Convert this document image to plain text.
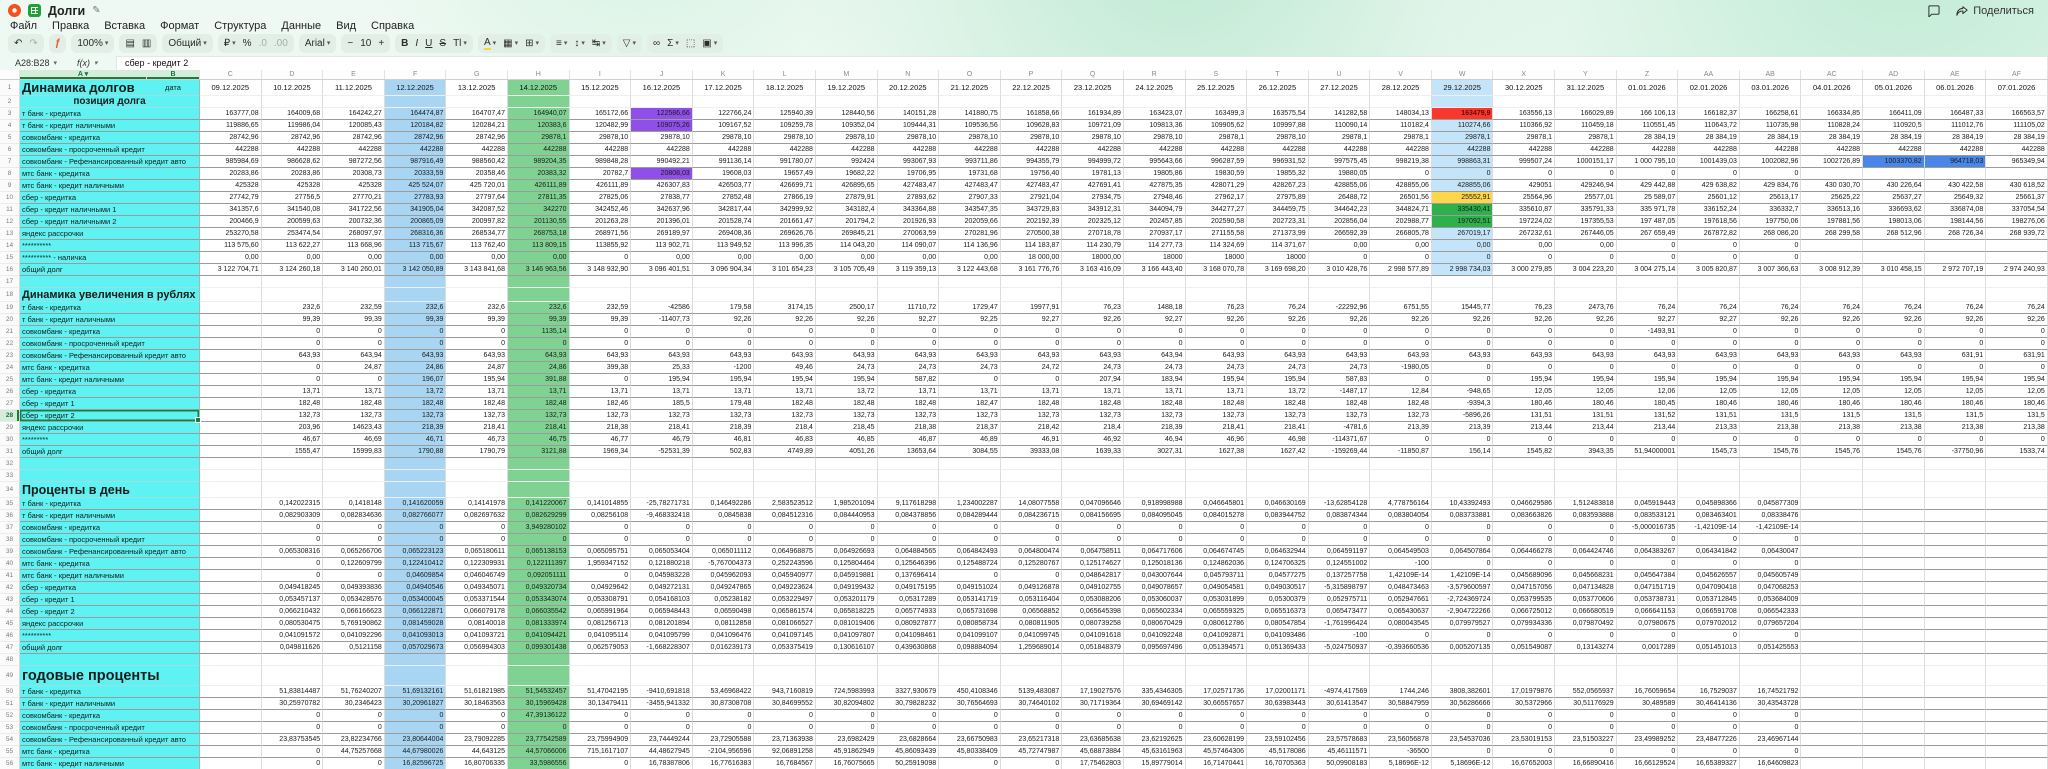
Долги ✎	Поделиться
Файл Правка Вставка Формат Структура Данные Вид Справка
↶ ↷ ƒ 100% ▾ ▤ ▥ Общий ▾ ₽ ▾ % .0 .00 Arial ▾ − 10 + B I U S Tl ▾ A ▾ ▦ ▾ ⊞ ▾ ≡ ▾ ↕ ▾ ↹ ▾ ▽ ▾ ∞ Σ ▾ ⬚ ▣ ▾
A28:B28 ▾ f(x) ▾	сбер - кредит 2
A ▾	B	C	D	E	F	G	H	I	J	K	L	M	N	O	P	Q	R	S	T	U	V	W	X	Y	Z	AA	AB	AC	AD	AE	AF
1 Динамика долгов	дата	09.12.2025	10.12.2025	11.12.2025	12.12.2025	13.12.2025	14.12.2025	15.12.2025	16.12.2025	17.12.2025	18.12.2025	19.12.2025	20.12.2025	21.12.2025	22.12.2025	23.12.2025	24.12.2025	25.12.2025	26.12.2025	27.12.2025	28.12.2025	29.12.2025	30.12.2025	31.12.2025	01.01.2026	02.01.2026	03.01.2026	04.01.2026	05.01.2026	06.01.2026	07.01.2026
2	позиция долга
3	т банк - кредитка	163777,08	164009,68	164242,27	164474,87	164707,47	164940,07	165172,66	122586,66	122766,24	125940,39	128440,56	140151,28	141880,75	161858,66	161934,89	163423,07	163499,3	163575,54	141282,58	148034,13	163479,9	163556,13	166029,89	166 106,13	166182,37	166258,61	166334,85	166411,09	166487,33	166563,57
4	т банк - кредит наличными	119886,65	119986,04	120085,43	120184,82	120284,21	120383,6	120482,99	109075,26	109167,52	109259,78	109352,04	109444,31	109536,56	109628,83	109721,09	109813,36	109905,62	109997,88	110090,14	110182,4	110274,66	110366,92	110459,18	110551,45	110643,72	110735,98	110828,24	110920,5	111012,76	111105,02
5	совкомбанк - кредитка	28742,96	28742,96	28742,96	28742,96	28742,96	29878,1	29878,10	29878,10	29878,10	29878,10	29878,10	29878,10	29878,10	29878,10	29878,10	29878,10	29878,1	29878,10	29878,1	29878,1	29878,1	29878,1	29878,1	28 384,19	28 384,19	28 384,19	28 384,19	28 384,19	28 384,19	28 384,19
6	совкомбанк - просроченный кредит	442288	442288	442288	442288	442288	442288	442288	442288	442288	442288	442288	442288	442288	442288	442288	442288	442288	442288	442288	442288	442288	442288	442288	442288	442288	442288	442288	442288	442288	442288
7	совкомбанк - Рефенансированный кредит авто	985984,69	986628,62	987272,56	987916,49	988560,42	989204,35	989848,28	990492,21	991136,14	991780,07	992424	993067,93	993711,86	994355,79	994999,72	995643,66	996287,59	996931,52	997575,45	998219,38	998863,31	999507,24	1000151,17	1 000 795,10	1001439,03	1002082,96	1002726,89	1003370,82	964718,03	965349,94
8	мтс банк - кредитка	20283,86	20283,86	20308,73	20333,59	20358,46	20383,32	20782,7	20808,03	19608,03	19657,49	19682,22	19706,95	19731,68	19756,40	19781,13	19805,86	19830,59	19855,32	19880,05	0	0	0	0	0	0	0
9	мтс банк - кредит наличными	425328	425328	425328	425 524,07	425 720,01	426111,89	426111,89	426307,83	426503,77	426699,71	426895,65	427483,47	427483,47	427483,47	427691,41	427875,35	428071,29	428267,23	428855,06	428855,06	428855,06	429051	429246,94	429 442,88	429 638,82	429 834,76	430 030,70	430 226,64	430 422,58	430 618,52
10	сбер - кредитка	27742,79	27756,5	27770,21	27783,93	27797,64	27811,35	27825,06	27838,77	27852,48	27866,19	27879,91	27893,62	27907,33	27921,04	27934,75	27948,46	27962,17	27975,89	26488,72	26501,56	25552,91	25564,96	25577,01	25 589,07	25601,12	25613,17	25625,22	25637,27	25649,32	25661,37
11	сбер - кредит наличными 1	341357,6	341540,08	341722,56	341905,04	342087,52	342270	342452,46	342637,96	342817,44	342999,92	343182,4	343364,88	343547,35	343729,83	343912,31	344094,79	344277,27	344459,75	344642,23	344824,71	335430,41	335610,87	335791,33	335 971,78	336152,24	336332,7	336513,16	336693,62	336874,08	337054,54
12	сбер - кредит наличными 2	200466,9	200599,63	200732,36	200865,09	200997,82	201130,55	201263,28	201396,01	201528,74	201661,47	201794,2	201926,93	202059,66	202192,39	202325,12	202457,85	202590,58	202723,31	202856,04	202988,77	197092,51	197224,02	197355,53	197 487,05	197618,56	197750,06	197881,56	198013,06	198144,56	198276,06
13	яндекс рассрочки	253270,58	253474,54	268097,97	268316,36	268534,77	268753,18	268971,56	269189,97	269408,36	269626,76	269845,21	270063,59	270281,96	270500,38	270718,78	270937,17	271155,58	271373,99	266592,39	266805,78	267019,17	267232,61	267446,05	267 659,49	267872,82	268 086,20	268 299,58	268 512,96	268 726,34	268 939,72
14	**********	113 575,60	113 622,27	113 668,96	113 715,67	113 762,40	113 809,15	113855,92	113 902,71	113 949,52	113 996,35	114 043,20	114 090,07	114 136,96	114 183,87	114 230,79	114 277,73	114 324,69	114 371,67	0,00	0,00	0,00	0,00	0,00	0	0	0
15	********** - наличка	0,00	0,00	0,00	0,00	0,00	0,00	0	0,00	0,00	0,00	0,00	0,00	0,00	18 000,00	18000,00	18000	18000	18000	0	0	0	0	0	0	0	0
16	общий долг	3 122 704,71	3 124 260,18	3 140 260,01	3 142 050,89	3 143 841,68	3 146 963,56	3 148 932,90	3 096 401,51	3 096 904,34	3 101 654,23	3 105 705,49	3 119 359,13	3 122 443,68	3 161 776,76	3 163 416,09	3 166 443,40	3 168 070,78	3 169 698,20	3 010 428,76	2 998 577,89	2 998 734,03	3 000 279,85	3 004 223,20	3 004 275,14	3 005 820,87	3 007 366,63	3 008 912,39	3 010 458,15	2 972 707,19	2 974 240,93
17
18 Динамика увеличения в рублях
19	т банк - кредитка	232,6	232,59	232,6	232,6	232,6	232,59	-42586	179,58	3174,15	2500,17	11710,72	1729,47	19977,91	76,23	1488,18	76,23	76,24	-22292,96	6751,55	15445,77	76,23	2473,76	76,24	76,24	76,24	76,24	76,24	76,24	76,24
20	т банк - кредит наличными	99,39	99,39	99,39	99,39	99,39	99,39	-11407,73	92,26	92,26	92,26	92,27	92,25	92,27	92,26	92,27	92,26	92,26	92,26	92,26	92,26	92,26	92,26	92,27	92,27	92,26	92,26	92,26	92,26	92,26
21	совкомбанк - кредитка	0	0	0	0	1135,14	0	0	0	0	0	0	0	0	0	0	0	0	0	0	0	0	0	-1493,91	0	0	0	0	0	0
22	совкомбанк - просроченный кредит	0	0	0	0	0	0	0	0	0	0	0	0	0	0	0	0	0	0	0	0	0	0	0	0	0	0	0	0	0
23	совкомбанк - Рефенансированный кредит авто	643,93	643,94	643,93	643,93	643,93	643,93	643,93	643,93	643,93	643,93	643,93	643,93	643,93	643,93	643,94	643,93	643,93	643,93	643,93	643,93	643,93	643,93	643,93	643,93	643,93	643,93	643,93	631,91	631,91
24	мтс банк - кредитка	0	24,87	24,86	24,87	24,86	399,38	25,33	-1200	49,46	24,73	24,73	24,73	24,72	24,73	24,73	24,73	24,73	24,73	-1980,05	0	0	0	0	0	0	0	0	0	0
25	мтс банк - кредит наличными	0	0	196,07	195,94	391,88	0	195,94	195,94	195,94	195,94	587,82	0	0	207,94	183,94	195,94	195,94	587,83	0	0	195,94	195,94	195,94	195,94	195,94	195,94	195,94	195,94	195,94
26	сбер - кредитка	13,71	13,71	13,72	13,71	13,71	13,71	13,71	13,71	13,71	13,72	13,71	13,71	13,71	13,71	13,71	13,71	13,72	-1487,17	12,84	-948,65	12,05	12,05	12,06	12,05	12,05	12,05	12,05	12,05	12,05
27	сбер - кредит 1	182,48	182,48	182,48	182,48	182,48	182,46	185,5	179,48	182,48	182,48	182,48	182,47	182,48	182,48	182,48	182,48	182,48	182,48	182,48	-9394,3	180,46	180,46	180,45	180,46	180,46	180,46	180,46	180,46	180,46
28	сбер - кредит 2	132,73	132,73	132,73	132,73	132,73	132,73	132,73	132,73	132,73	132,73	132,73	132,73	132,73	132,73	132,73	132,73	132,73	132,73	132,73	-5896,26	131,51	131,51	131,52	131,51	131,5	131,5	131,5	131,5	131,5
29	яндекс рассрочки	203,96	14623,43	218,39	218,41	218,41	218,38	218,41	218,39	218,4	218,45	218,38	218,37	218,42	218,4	218,39	218,41	218,41	-4781,6	213,39	213,39	213,44	213,44	213,44	213,33	213,38	213,38	213,38	213,38	213,38
30	*********	46,67	46,69	46,71	46,73	46,75	46,77	46,79	46,81	46,83	46,85	46,87	46,89	46,91	46,92	46,94	46,96	46,98	-114371,67	0	0	0	0	0	0	0	0	0	0	0
31	общий долг	1555,47	15999,83	1790,88	1790,79	3121,88	1969,34	-52531,39	502,83	4749,89	4051,26	13653,64	3084,55	39333,08	1639,33	3027,31	1627,38	1627,42	-159269,44	-11850,87	156,14	1545,82	3943,35	51,94000001	1545,73	1545,76	1545,76	1545,76	-37750,96	1533,74
32
33
34 Проценты в день
35	т банк - кредитка	0,142022315	0,1418148	0,141620059	0,14141978	0,141220067	0,141014855	-25,78271731	0,146492286	2,583523512	1,985201094	9,117618298	1,234002287	14,08077558	0,047096646	0,918998988	0,046645801	0,046630169	-13,62854128	4,778756164	10,43392493	0,046629586	1,512483818	0,045919443	0,045898366	0,045877309
36	т банк - кредит наличными	0,082903309	0,082834636	0,082766077	0,082697632	0,082629299	0,08256108	-9,468332418	0,0845838	0,084512316	0,084440953	0,084378856	0,084289444	0,084236715	0,084156695	0,084095045	0,084015278	0,083944752	0,083874344	0,083804054	0,083733881	0,083663826	0,083593888	0,083533121	0,083463401	0,08338476
37	совкомбанк - кредитка	0	0	0	0	3,949280102	0	0	0	0	0	0	0	0	0	0	0	0	0	0	0	0	0	-5,000016735	-1,42109E-14	-1,42109E-14
38	совкомбанк - просроченный кредит	0	0	0	0	0	0	0	0	0	0	0	0	0	0	0	0	0	0	0	0	0	0	0	0	0
39	совкомбанк - Рефенансированный кредит авто	0,065308316	0,065266706	0,065223123	0,065180611	0,065138153	0,065095751	0,065053404	0,065011112	0,064968875	0,064926693	0,064884565	0,064842493	0,064800474	0,064758511	0,064717606	0,064674745	0,064632944	0,064591197	0,064549503	0,064507864	0,064466278	0,064424746	0,064383267	0,064341842	0,06430047
40	мтс банк - кредитка	0	0,122609799	0,122410412	0,122309931	0,122111397	1,959347152	0,121880218	-5,767004373	0,252243596	0,125804464	0,125646396	0,125488724	0,125280767	0,125174627	0,125018136	0,124862036	0,124706325	0,124551002	-100	0	0	0	0	0	0
41	мтс банк - кредит наличными	0	0	0,04609854	0,046046749	0,092051111	0	0,045983228	0,045962093	0,045940977	0,045919881	0,137696414	0	0	0,048642817	0,043007644	0,045793711	0,04577275	0,137257758	1,42109E-14	1,42109E-14	0,045689096	0,045668231	0,045647384	0,045626557	0,045605749
42	сбер - кредитка	0,049418245	0,049393836	0,04940546	0,049345071	0,049320734	0,04929642	0,049272131	0,049247865	0,049223624	0,049199432	0,049175195	0,049151024	0,049126878	0,049102755	0,049078657	0,049054581	0,049030517	-5,315898797	0,048473463	-3,579600597	0,047157056	0,047134828	0,047151719	0,047090418	0,047068253
43	сбер - кредит 1	0,053457137	0,053428576	0,053400045	0,053371544	0,053343074	0,053308791	0,054168103	0,05238182	0,053229497	0,053201179	0,05317289	0,053141719	0,053116404	0,053088206	0,053060037	0,053031899	0,05300379	0,052975711	0,052947661	-2,724369724	0,053799535	0,053770606	0,053738731	0,053712845	0,053684009
44	сбер - кредит 2	0,066210432	0,066166623	0,066122871	0,066079178	0,066035542	0,065991964	0,065948443	0,06590498	0,065861574	0,065818225	0,065774933	0,065731698	0,06568852	0,065645398	0,065602334	0,065559325	0,065516373	0,065473477	0,065430637	-2,904722266	0,066725012	0,066680519	0,066641153	0,066591708	0,066542333
45	яндекс рассрочки	0,080530475	5,769190862	0,081459028	0,08140018	0,081333974	0,081256713	0,081201894	0,08112858	0,081066527	0,081019406	0,080927877	0,080858734	0,080811905	0,080739258	0,080670429	0,080612786	0,080547854	-1,761996424	0,080043545	0,079979527	0,079934336	0,079870492	0,07980675	0,079702012	0,079657204
46	**********	0,041091572	0,041092296	0,041093013	0,041093721	0,041094421	0,041095114	0,041095799	0,041096476	0,041097145	0,041097807	0,041098461	0,041099107	0,041099745	0,041091618	0,041092248	0,041092871	0,041093486	-100	0	0	0	0	0	0	0
47	общий долг	0,049811626	0,5121158	0,057029673	0,056994303	0,099301438	0,062579053	-1,668228307	0,016239173	0,053375419	0,130616107	0,439630868	0,098884094	1,259689014	0,051848379	0,095697496	0,051394571	0,051369433	-5,024750937	-0,393660536	0,005207135	0,051549087	0,13143274	0,0017289	0,051451013	0,051425553
48
49 годовые проценты
50	т банк - кредитка	51,83814487	51,76240207	51,69132161	51,61821985	51,54532457	51,47042195	-9410,691818	53,46968422	943,7160819	724,5983993	3327,930679	450,4108346	5139,483087	17,19027576	335,4346305	17,02571736	17,02001171	-4974,417569	1744,246	3808,382601	17,01979876	552,0565937	16,76059654	16,7529037	16,74521792
51	т банк - кредит наличными	30,25970782	30,2346423	30,20961827	30,18463563	30,15969428	30,13479411	-3455,941332	30,87308708	30,84699552	30,82094802	30,79828232	30,76564693	30,74640102	30,71719364	30,69469142	30,66557657	30,63983443	30,61413547	30,58847959	30,56286666	30,5372966	30,51176929	30,489589	30,46414136	30,43543728
52	совкомбанк - кредитка	0	0	0	0	47,39136122	0	0	0	0	0	0	0	0	0	0	0	0	0	0	0	0	0	0	0	0
53	совкомбанк - просроченный кредит	0	0	0	0	0	0	0	0	0	0	0	0	0	0	0	0	0	0	0	0	0	0	0	0	0
54	совкомбанк - Рефенансированный кредит авто	23,83753545	23,82234766	23,80644004	23,79092285	23,77542589	23,75994909	23,74449244	23,72905588	23,71363938	23,6982429	23,6828664	23,66750983	23,65217318	23,63685638	23,62192625	23,60628199	23,59102456	23,57578683	23,56056878	23,54537036	23,53019153	23,51503227	23,49989252	23,48477226	23,46967144
55	мтс банк - кредитка	0	44,75257668	44,67980026	44,643125	44,57066006	715,1617107	44,48627945	-2104,956596	92,06891258	45,91862949	45,86093439	45,80338409	45,72747987	45,68873884	45,63161963	45,57464306	45,5178086	45,46111571	-36500	0	0	0	0	0	0
56	мтс банк - кредит наличными	0	0	16,82596725	16,80706335	33,5986556	0	16,78387806	16,77616383	16,7684567	16,76075665	50,25919098	0	0	17,75462803	15,89779014	16,71470441	16,70705363	50,09908183	5,18696E-12	5,18696E-12	16,67652003	16,66890416	16,66129524	16,65389327	16,64609823
